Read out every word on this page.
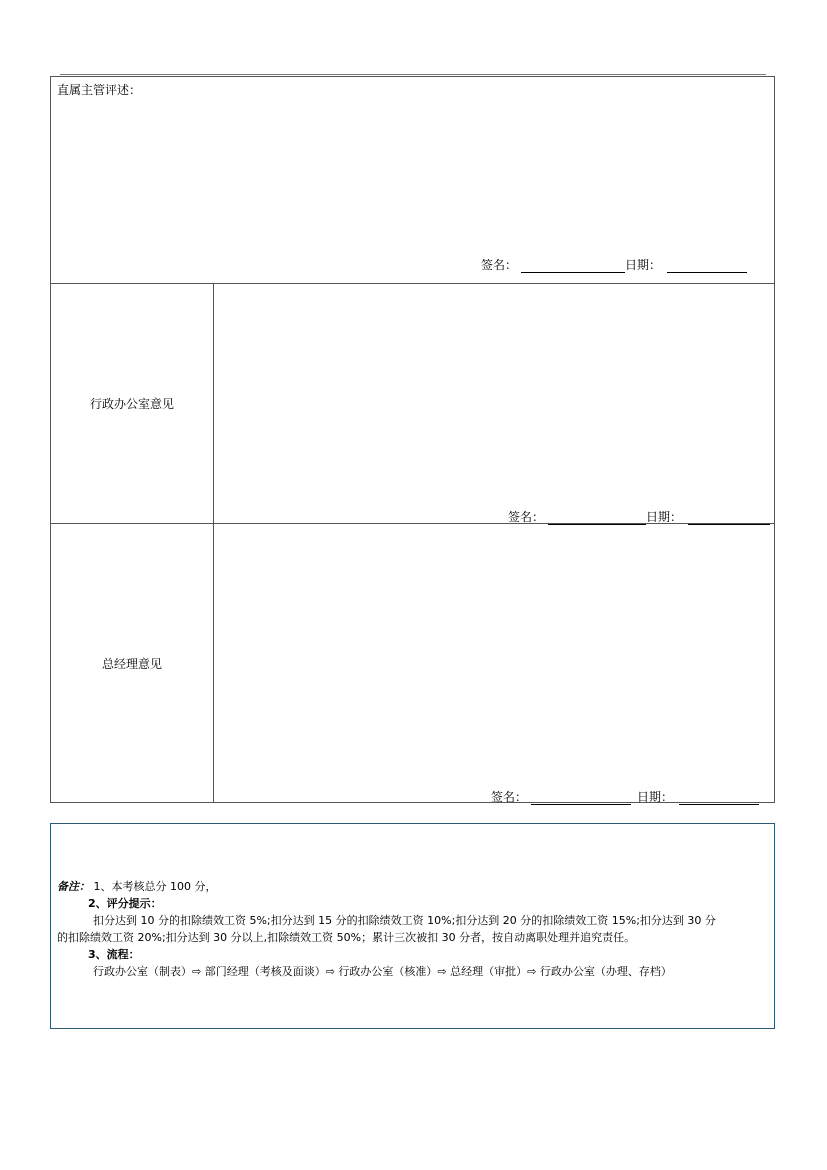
直属主管评述：
签名：	日期：
行政办公室意见
签名：	日期：
总经理意见
签名：	日期：
备注： 1、本考核总分 100 分，
2、评分提示：
扣分达到 10 分的扣除绩效工资 5%;扣分达到 15 分的扣除绩效工资 10%;扣分达到 20 分的扣除绩效工资 15%;扣分达到 30 分
的扣除绩效工资 20%;扣分达到 30 分以上,扣除绩效工资 50%；累计三次被扣 30 分者，按自动离职处理并追究责任。
3、流程：
行政办公室（制表）⇨ 部门经理（考核及面谈）⇨ 行政办公室（核准）⇨ 总经理（审批）⇨ 行政办公室（办理、存档）
